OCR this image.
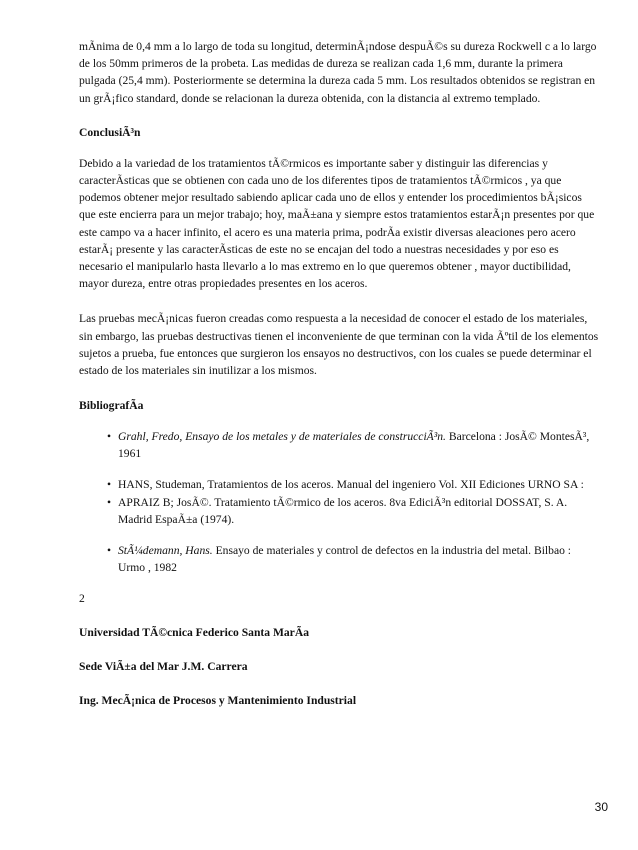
mÃnima de 0,4 mm a lo largo de toda su longitud, determinÃ¡ndose despuÃ©s su dureza Rockwell c a lo largo de los 50mm primeros de la probeta. Las medidas de dureza se realizan cada 1,6 mm, durante la primera pulgada (25,4 mm). Posteriormente se determina la dureza cada 5 mm. Los resultados obtenidos se registran en un grÃ¡fico standard, donde se relacionan la dureza obtenida, con la distancia al extremo templado.

ConclusiÃ³n

Debido a la variedad de los tratamientos tÃ©rmicos es importante saber y distinguir las diferencias y caracterÃsticas que se obtienen con cada uno de los diferentes tipos de tratamientos tÃ©rmicos , ya que podemos obtener mejor resultado sabiendo aplicar cada uno de ellos y entender los procedimientos bÃ¡sicos que este encierra para un mejor trabajo; hoy, maÃ±ana y siempre estos tratamientos estarÃ¡n presentes por que este campo va a hacer infinito, el acero es una materia prima, podrÃa existir diversas aleaciones pero acero estarÃ¡ presente y las caracterÃsticas de este no se encajan del todo a nuestras necesidades y por eso es necesario el manipularlo hasta llevarlo a lo mas extremo en lo que queremos obtener , mayor ductibilidad, mayor dureza, entre otras propiedades presentes en los aceros.

Las pruebas mecÃ¡nicas fueron creadas como respuesta a la necesidad de conocer el estado de los materiales, sin embargo, las pruebas destructivas tienen el inconveniente de que terminan con la vida Ãºtil de los elementos sujetos a prueba, fue entonces que surgieron los ensayos no destructivos, con los cuales se puede determinar el estado de los materiales sin inutilizar a los mismos.

BibliografÃa

• Grahl, Fredo, Ensayo de los metales y de materiales de construcciÃ³n. Barcelona : JosÃ© MontesÃ³, 1961
• HANS, Studeman, Tratamientos de los aceros. Manual del ingeniero Vol. XII Ediciones URNO SA :
• APRAIZ B; JosÃ©. Tratamiento tÃ©rmico de los aceros. 8va EdiciÃ³n editorial DOSSAT, S. A. Madrid EspaÃ±a (1974).
• StÃ¼demann, Hans. Ensayo de materiales y control de defectos en la industria del metal. Bilbao : Urmo , 1982

2

Universidad TÃ©cnica Federico Santa MarÃa

Sede ViÃ±a del Mar J.M. Carrera

Ing. MecÃ¡nica de Procesos y Mantenimiento Industrial

30
